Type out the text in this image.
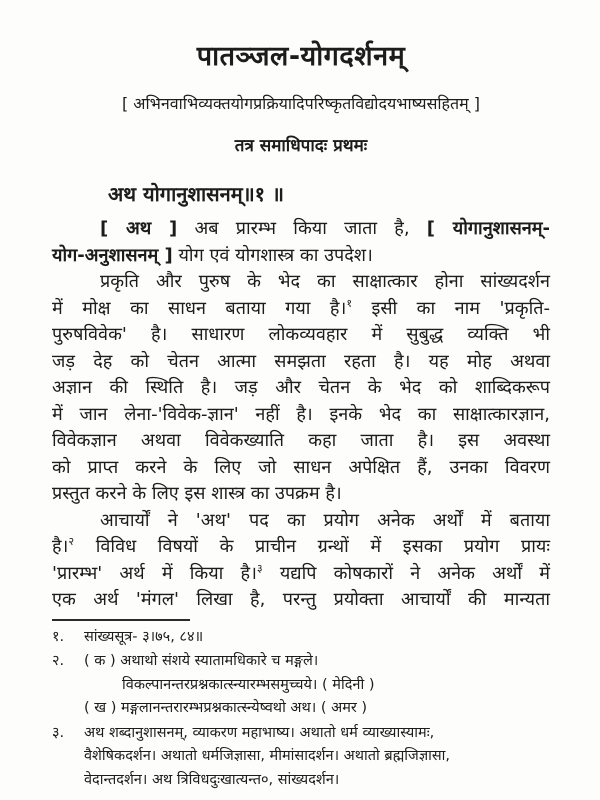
पातञ्जल-योगदर्शनम्
[ अभिनवाभिव्यक्तयोगप्रक्रियादिपरिष्कृतविद्योदयभाष्यसहितम् ]
तत्र समाधिपादः प्रथमः
अथ योगानुशासनम्॥१ ॥
[ अथ ] अब प्रारम्भ किया जाता है, [ योगानुशासनम्-
योग-अनुशासनम् ] योग एवं योगशास्त्र का उपदेश।
प्रकृति और पुरुष के भेद का साक्षात्कार होना सांख्यदर्शन
में मोक्ष का साधन बताया गया है।$^१$ इसी का नाम 'प्रकृति-
पुरुषविवेक' है। साधारण लोकव्यवहार में सुबुद्ध व्यक्ति भी
जड़ देह को चेतन आत्मा समझता रहता है। यह मोह अथवा
अज्ञान की स्थिति है। जड़ और चेतन के भेद को शाब्दिकरूप
में जान लेना-'विवेक-ज्ञान' नहीं है। इनके भेद का साक्षात्कारज्ञान,
विवेकज्ञान अथवा विवेकख्याति कहा जाता है। इस अवस्था
को प्राप्त करने के लिए जो साधन अपेक्षित हैं, उनका विवरण
प्रस्तुत करने के लिए इस शास्त्र का उपक्रम है।
आचार्यों ने 'अथ' पद का प्रयोग अनेक अर्थों में बताया
है।$^२$ विविध विषयों के प्राचीन ग्रन्थों में इसका प्रयोग प्रायः
'प्रारम्भ' अर्थ में किया है।$^३$ यद्यपि कोषकारों ने अनेक अर्थों में
एक अर्थ 'मंगल' लिखा है, परन्तु प्रयोक्ता आचार्यों की मान्यता
१.	सांख्यसूत्र- ३।७५, ८४॥
२.	( क ) अथाथो संशये स्यातामधिकारे च मङ्गले।
विकल्पानन्तरप्रश्नकात्स्न्यारम्भसमुच्चये। ( मेदिनी )
( ख ) मङ्गलानन्तरारम्भप्रश्नकात्स्न्येष्वथो अथ। ( अमर )
३.	अथ शब्दानुशासनम्, व्याकरण महाभाष्य। अथातो धर्म व्याख्यास्यामः,
वैशेषिकदर्शन। अथातो धर्मजिज्ञासा, मीमांसादर्शन। अथातो ब्रह्मजिज्ञासा,
वेदान्तदर्शन। अथ त्रिविधदुःखात्यन्त०, सांख्यदर्शन।
